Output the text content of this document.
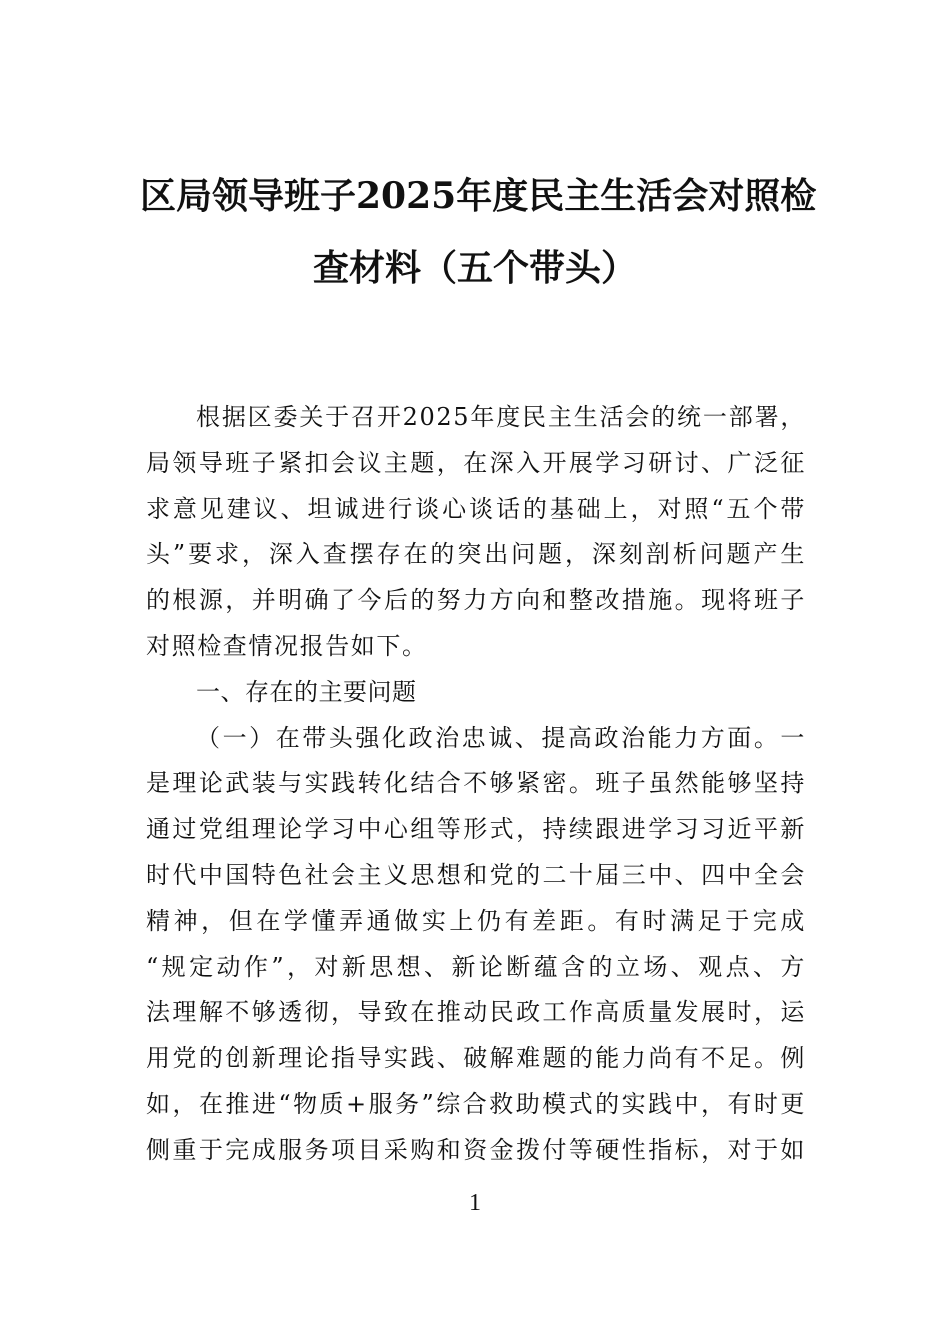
区局领导班子2025年度民主生活会对照检
查材料（五个带头）
根据区委关于召开2025年度民主生活会的统一部署，
局领导班子紧扣会议主题，在深入开展学习研讨、广泛征
求意见建议、坦诚进行谈心谈话的基础上，对照“五个带
头”要求，深入查摆存在的突出问题，深刻剖析问题产生
的根源，并明确了今后的努力方向和整改措施。现将班子
对照检查情况报告如下。
一、存在的主要问题
（一）在带头强化政治忠诚、提高政治能力方面。一
是理论武装与实践转化结合不够紧密。班子虽然能够坚持
通过党组理论学习中心组等形式，持续跟进学习习近平新
时代中国特色社会主义思想和党的二十届三中、四中全会
精神，但在学懂弄通做实上仍有差距。有时满足于完成
“规定动作”，对新思想、新论断蕴含的立场、观点、方
法理解不够透彻，导致在推动民政工作高质量发展时，运
用党的创新理论指导实践、破解难题的能力尚有不足。例
如，在推进“物质+服务”综合救助模式的实践中，有时更
侧重于完成服务项目采购和资金拨付等硬性指标，对于如
1
